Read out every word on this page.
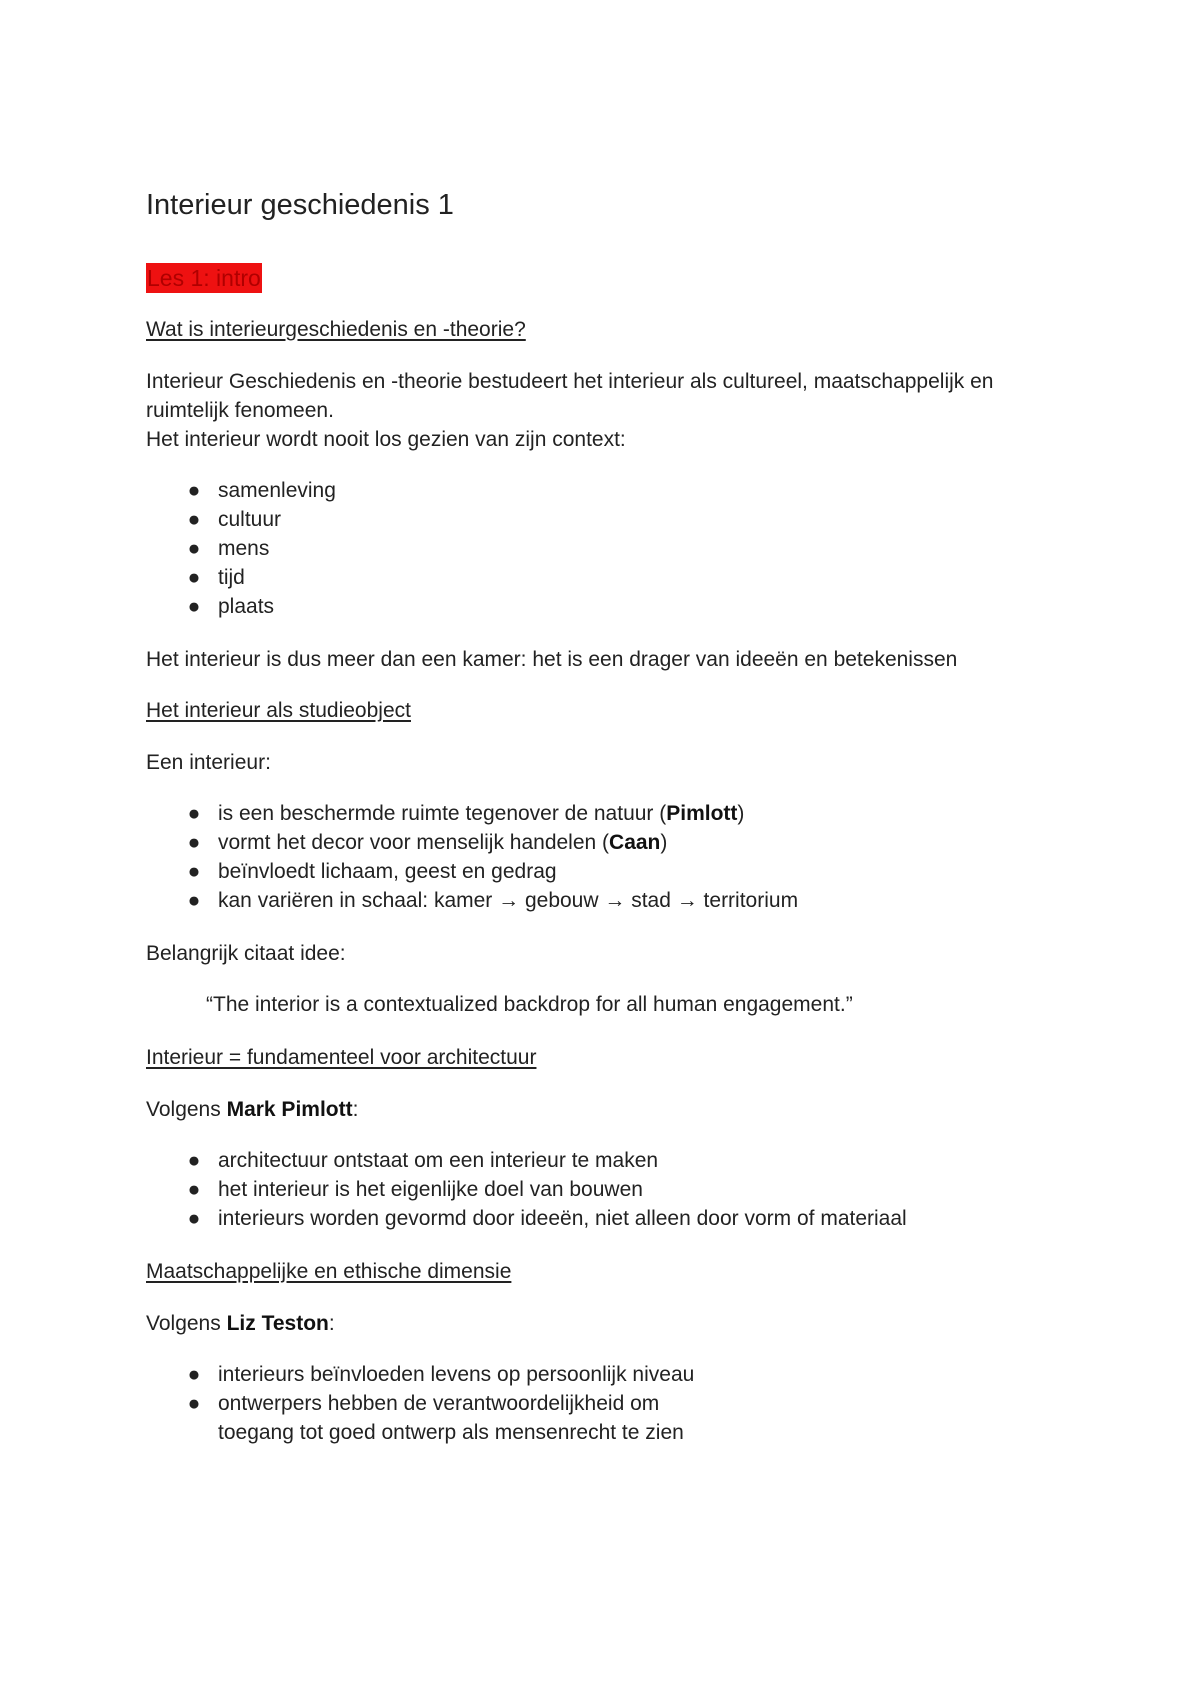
Interieur geschiedenis 1
Les 1: intro
Wat is interieurgeschiedenis en -theorie?

Interieur Geschiedenis en -theorie bestudeert het interieur als cultureel, maatschappelijk en
ruimtelijk fenomeen.
Het interieur wordt nooit los gezien van zijn context:

● samenleving
● cultuur
● mens
● tijd
● plaats

Het interieur is dus meer dan een kamer: het is een drager van ideeën en betekenissen

Het interieur als studieobject

Een interieur:

● is een beschermde ruimte tegenover de natuur (Pimlott)
● vormt het decor voor menselijk handelen (Caan)
● beïnvloedt lichaam, geest en gedrag
● kan variëren in schaal: kamer → gebouw → stad → territorium

Belangrijk citaat idee:

“The interior is a contextualized backdrop for all human engagement.”
Interieur = fundamenteel voor architectuur

Volgens Mark Pimlott:

● architectuur ontstaat om een interieur te maken
● het interieur is het eigenlijke doel van bouwen
● interieurs worden gevormd door ideeën, niet alleen door vorm of materiaal
Maatschappelijke en ethische dimensie

Volgens Liz Teston:

● interieurs beïnvloeden levens op persoonlijk niveau
● ontwerpers hebben de verantwoordelijkheid om
toegang tot goed ontwerp als mensenrecht te zien
